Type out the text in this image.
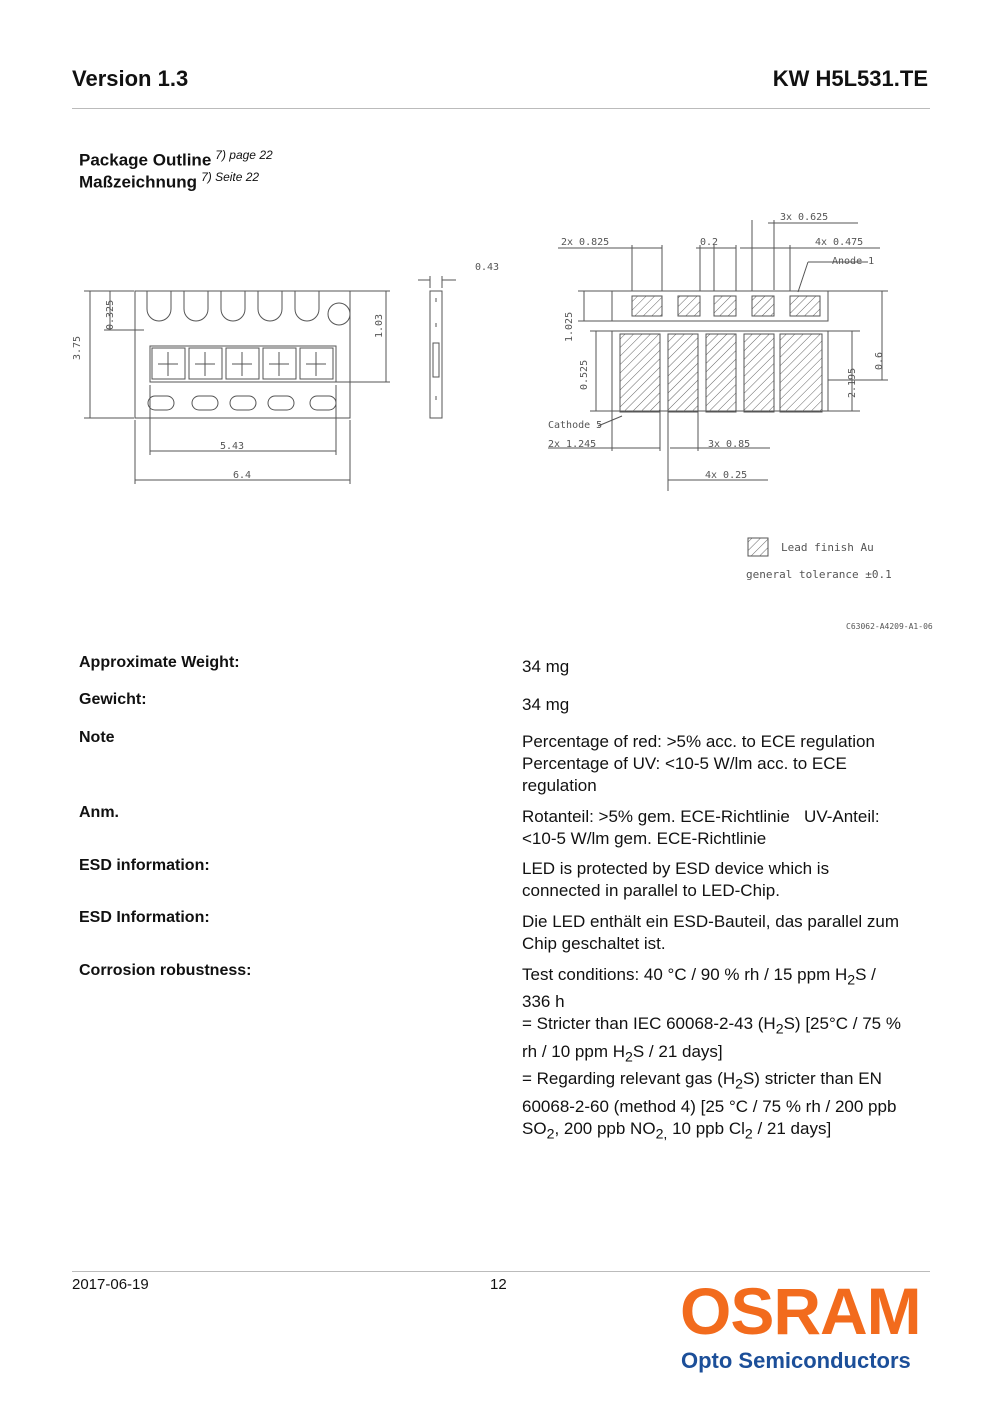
Version 1.3	KW H5L531.TE
Package Outline $^{7) page 22}$
Maßzeichnung $^{7) Seite 22}$
3.75
0.325	1.03
5.43
6.4
0.43
2x 0.825	0.2
3x 0.625
4x 0.475
Anode 1
1.025
0.525
Cathode 5
2x 1.245	3x 0.85
4x 0.25
2.195
0.6
Lead finish Au
general tolerance ±0.1
C63062-A4209-A1-06
Approximate Weight:	34 mg
Gewicht:	34 mg
Note	Percentage of red: >5% acc. to ECE regulation
Percentage of UV: <10-5 W/lm acc. to ECE
regulation
Anm.	Rotanteil: >5% gem. ECE-Richtlinie   UV-Anteil:
<10-5 W/lm gem. ECE-Richtlinie
ESD information:	LED is protected by ESD device which is
connected in parallel to LED-Chip.
ESD Information:	Die LED enthält ein ESD-Bauteil, das parallel zum
Chip geschaltet ist.
Corrosion robustness:	Test conditions: 40 °C / 90 % rh / 15 ppm $H_2S$ /
336 h
= Stricter than IEC 60068-2-43 $(H_2S)$ [25°C / 75 %
rh / 10 ppm $H_2S / 21$ days]
= Regarding relevant gas $(H_2S)$ stricter than EN
60068-2-60 (method 4) [25 °C / 75 % rh / 200 ppb
$SO_2$, 200 ppb $NO_{2,}$ 10 ppb $Cl_2 / 21$ days]
2017-06-19	12	OSRAM
Opto Semiconductors
